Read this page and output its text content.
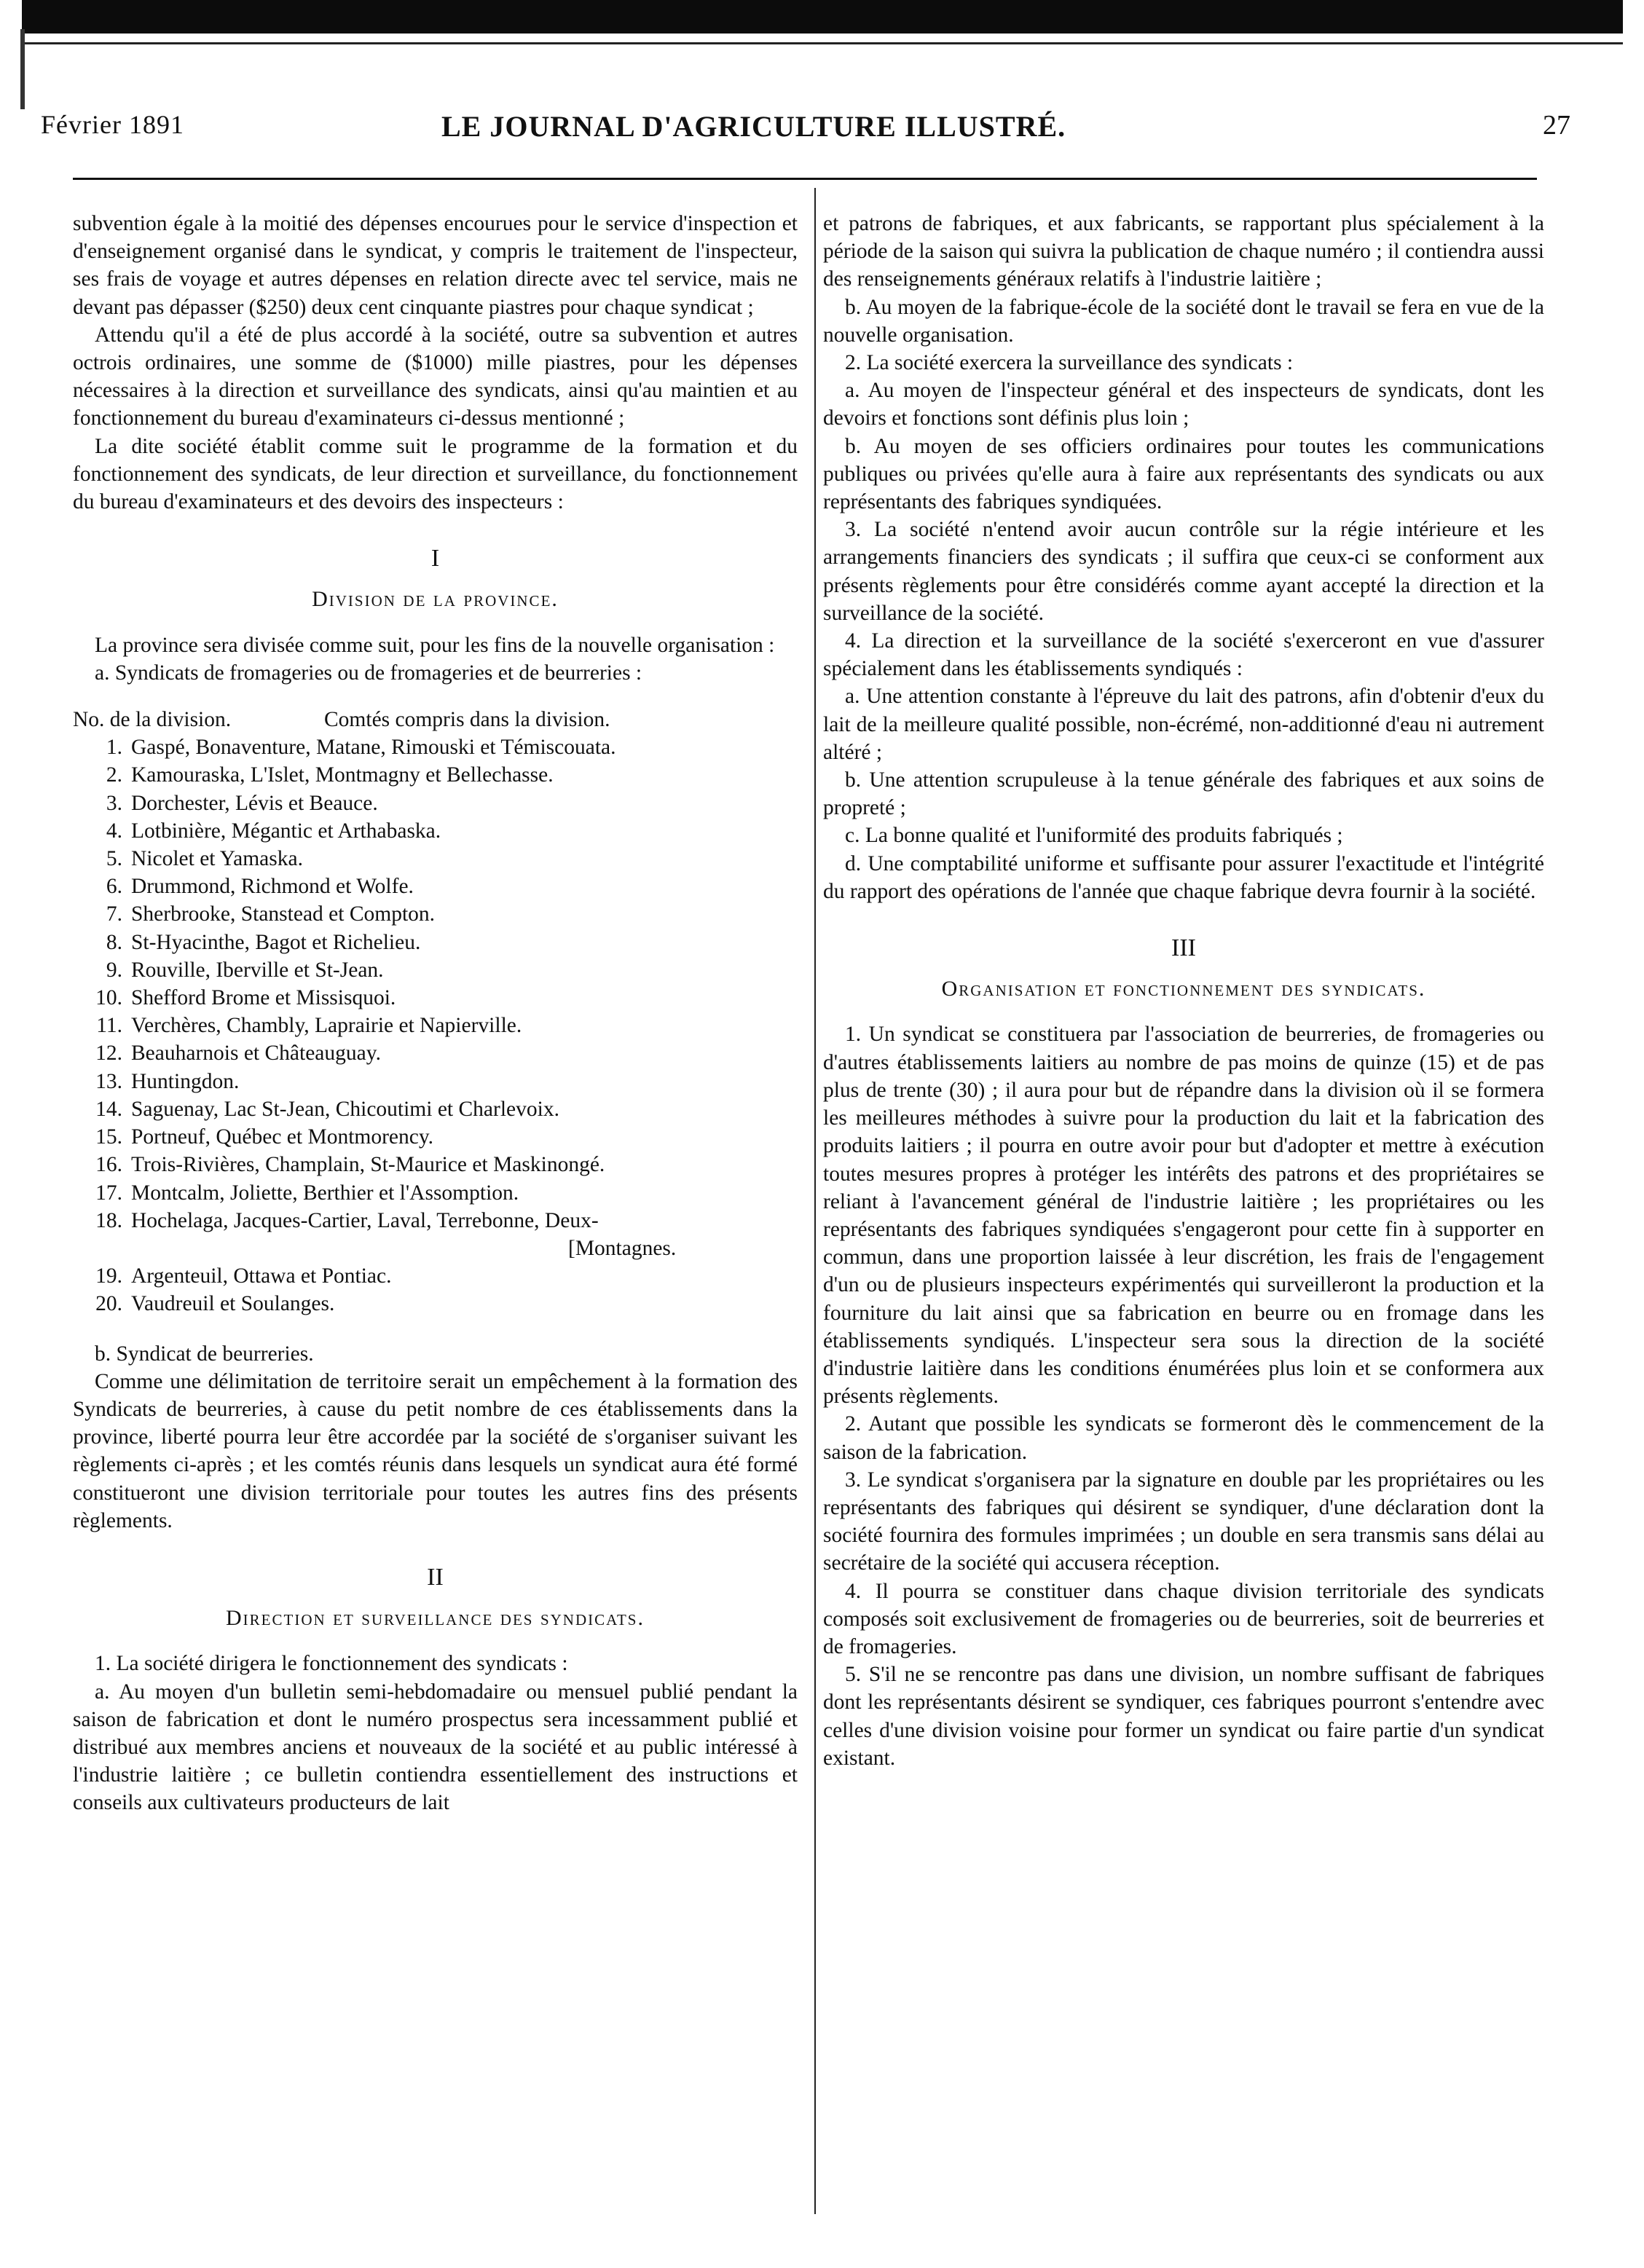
Février 1891	LE JOURNAL D'AGRICULTURE ILLUSTRÉ.	27

subvention égale à la moitié des dépenses encourues pour le service d'inspection et d'enseignement organisé dans le syndicat, y compris le traitement de l'inspecteur, ses frais de voyage et autres dépenses en relation directe avec tel service, mais ne devant pas dépasser ($250) deux cent cinquante piastres pour chaque syndicat ;

Attendu qu'il a été de plus accordé à la société, outre sa subvention et autres octrois ordinaires, une somme de ($1000) mille piastres, pour les dépenses nécessaires à la direction et surveillance des syndicats, ainsi qu'au maintien et au fonctionnement du bureau d'examinateurs ci-dessus mentionné ;

La dite société établit comme suit le programme de la formation et du fonctionnement des syndicats, de leur direction et surveillance, du fonctionnement du bureau d'examinateurs et des devoirs des inspecteurs :

I

Division de la province.

La province sera divisée comme suit, pour les fins de la nouvelle organisation :

a. Syndicats de fromageries ou de fromageries et de beurreries :

No. de la division.	Comtés compris dans la division.
1. Gaspé, Bonaventure, Matane, Rimouski et Témiscouata.
2. Kamouraska, L'Islet, Montmagny et Bellechasse.
3. Dorchester, Lévis et Beauce.
4. Lotbinière, Mégantic et Arthabaska.
5. Nicolet et Yamaska.
6. Drummond, Richmond et Wolfe.
7. Sherbrooke, Stanstead et Compton.
8. St-Hyacinthe, Bagot et Richelieu.
9. Rouville, Iberville et St-Jean.
10. Shefford Brome et Missisquoi.
11. Verchères, Chambly, Laprairie et Napierville.
12. Beauharnois et Châteauguay.
13. Huntingdon.
14. Saguenay, Lac St-Jean, Chicoutimi et Charlevoix.
15. Portneuf, Québec et Montmorency.
16. Trois-Rivières, Champlain, St-Maurice et Maskinongé.
17. Montcalm, Joliette, Berthier et l'Assomption.
18. Hochelaga, Jacques-Cartier, Laval, Terrebonne, Deux-
[Montagnes.
19. Argenteuil, Ottawa et Pontiac.
20. Vaudreuil et Soulanges.

b. Syndicat de beurreries.

Comme une délimitation de territoire serait un empêchement à la formation des Syndicats de beurreries, à cause du petit nombre de ces établissements dans la province, liberté pourra leur être accordée par la société de s'organiser suivant les règlements ci-après ; et les comtés réunis dans lesquels un syndicat aura été formé constitueront une division territoriale pour toutes les autres fins des présents règlements.

II

Direction et surveillance des syndicats.

1. La société dirigera le fonctionnement des syndicats :

a. Au moyen d'un bulletin semi-hebdomadaire ou mensuel publié pendant la saison de fabrication et dont le numéro prospectus sera incessamment publié et distribué aux membres anciens et nouveaux de la société et au public intéressé à l'industrie laitière ; ce bulletin contiendra essentiellement des instructions et conseils aux cultivateurs producteurs de lait

et patrons de fabriques, et aux fabricants, se rapportant plus spécialement à la période de la saison qui suivra la publication de chaque numéro ; il contiendra aussi des renseignements généraux relatifs à l'industrie laitière ;

b. Au moyen de la fabrique-école de la société dont le travail se fera en vue de la nouvelle organisation.

2. La société exercera la surveillance des syndicats :

a. Au moyen de l'inspecteur général et des inspecteurs de syndicats, dont les devoirs et fonctions sont définis plus loin ;

b. Au moyen de ses officiers ordinaires pour toutes les communications publiques ou privées qu'elle aura à faire aux représentants des syndicats ou aux représentants des fabriques syndiquées.

3. La société n'entend avoir aucun contrôle sur la régie intérieure et les arrangements financiers des syndicats ; il suffira que ceux-ci se conforment aux présents règlements pour être considérés comme ayant accepté la direction et la surveillance de la société.

4. La direction et la surveillance de la société s'exerceront en vue d'assurer spécialement dans les établissements syndiqués :

a. Une attention constante à l'épreuve du lait des patrons, afin d'obtenir d'eux du lait de la meilleure qualité possible, non-écrémé, non-additionné d'eau ni autrement altéré ;

b. Une attention scrupuleuse à la tenue générale des fabriques et aux soins de propreté ;

c. La bonne qualité et l'uniformité des produits fabriqués ;

d. Une comptabilité uniforme et suffisante pour assurer l'exactitude et l'intégrité du rapport des opérations de l'année que chaque fabrique devra fournir à la société.

III

Organisation et fonctionnement des syndicats.

1. Un syndicat se constituera par l'association de beurreries, de fromageries ou d'autres établissements laitiers au nombre de pas moins de quinze (15) et de pas plus de trente (30) ; il aura pour but de répandre dans la division où il se formera les meilleures méthodes à suivre pour la production du lait et la fabrication des produits laitiers ; il pourra en outre avoir pour but d'adopter et mettre à exécution toutes mesures propres à protéger les intérêts des patrons et des propriétaires se reliant à l'avancement général de l'industrie laitière ; les propriétaires ou les représentants des fabriques syndiquées s'engageront pour cette fin à supporter en commun, dans une proportion laissée à leur discrétion, les frais de l'engagement d'un ou de plusieurs inspecteurs expérimentés qui surveilleront la production et la fourniture du lait ainsi que sa fabrication en beurre ou en fromage dans les établissements syndiqués. L'inspecteur sera sous la direction de la société d'industrie laitière dans les conditions énumérées plus loin et se conformera aux présents règlements.

2. Autant que possible les syndicats se formeront dès le commencement de la saison de la fabrication.

3. Le syndicat s'organisera par la signature en double par les propriétaires ou les représentants des fabriques qui désirent se syndiquer, d'une déclaration dont la société fournira des formules imprimées ; un double en sera transmis sans délai au secrétaire de la société qui accusera réception.

4. Il pourra se constituer dans chaque division territoriale des syndicats composés soit exclusivement de fromageries ou de beurreries, soit de beurreries et de fromageries.

5. S'il ne se rencontre pas dans une division, un nombre suffisant de fabriques dont les représentants désirent se syndiquer, ces fabriques pourront s'entendre avec celles d'une division voisine pour former un syndicat ou faire partie d'un syndicat existant.
